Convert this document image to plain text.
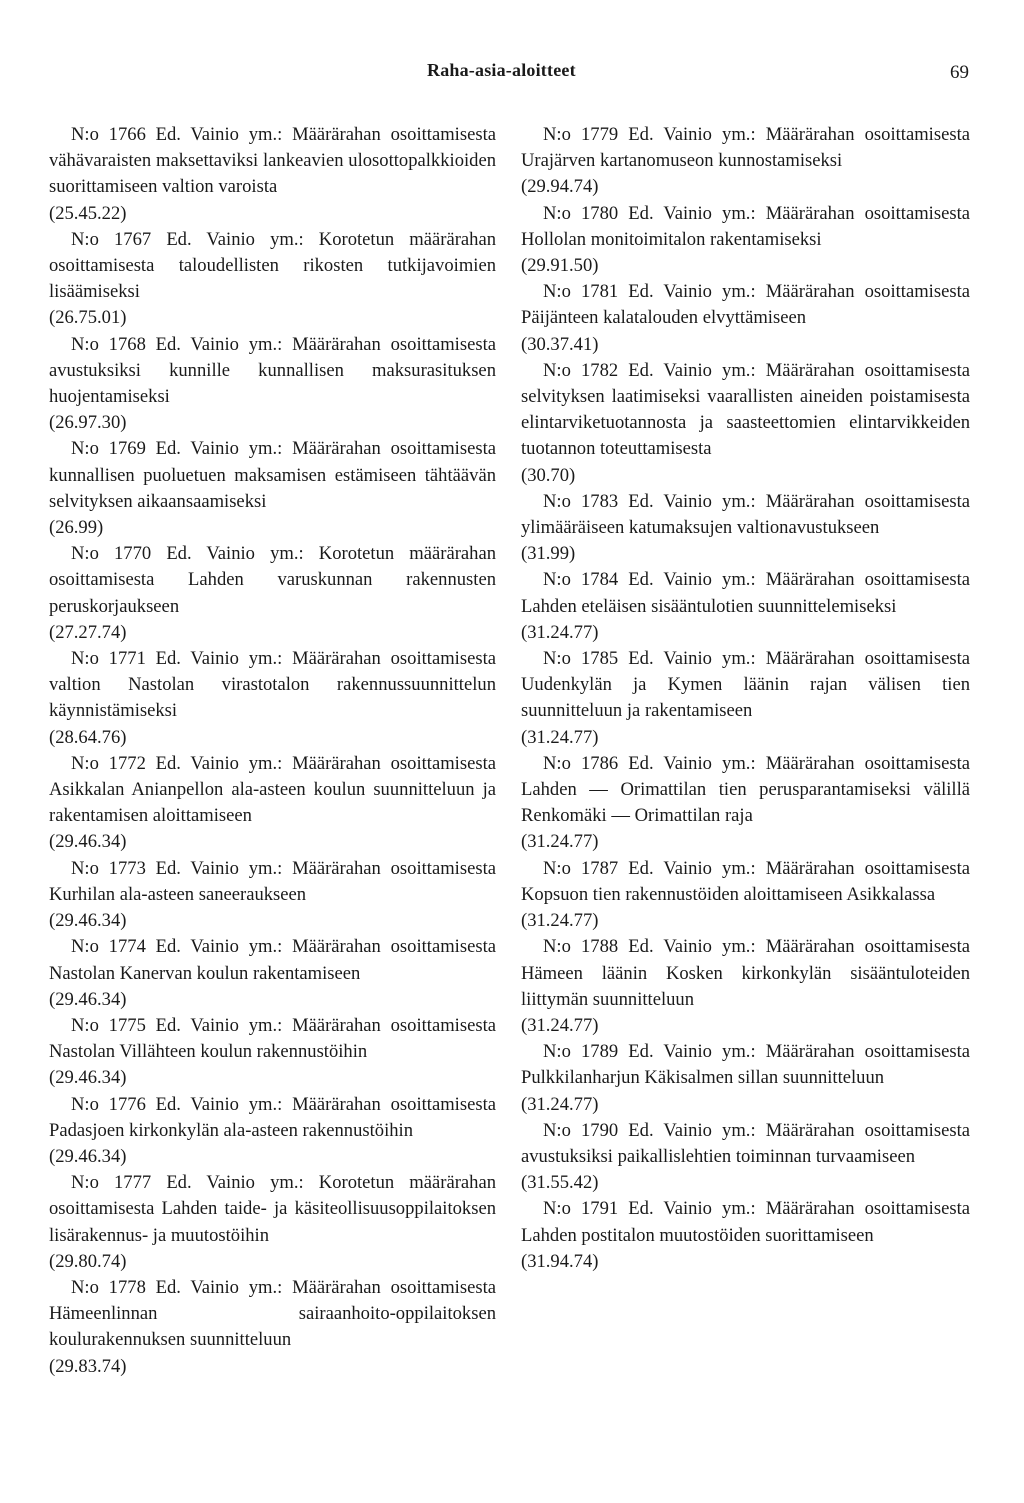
Raha-asia-aloitteet	69

N:o 1766 Ed. Vainio ym.: Määrärahan osoittamisesta vähävaraisten maksettaviksi lankeavien ulosottopalkkioiden suorittamiseen valtion varoista

(25.45.22)

N:o 1767 Ed. Vainio ym.: Korotetun määrärahan osoittamisesta taloudellisten rikosten tutkijavoimien lisäämiseksi

(26.75.01)

N:o 1768 Ed. Vainio ym.: Määrärahan osoittamisesta avustuksiksi kunnille kunnallisen maksurasituksen huojentamiseksi

(26.97.30)

N:o 1769 Ed. Vainio ym.: Määrärahan osoittamisesta kunnallisen puoluetuen maksamisen estämiseen tähtäävän selvityksen aikaansaamiseksi

(26.99)

N:o 1770 Ed. Vainio ym.: Korotetun määrärahan osoittamisesta Lahden varuskunnan rakennusten peruskorjaukseen

(27.27.74)

N:o 1771 Ed. Vainio ym.: Määrärahan osoittamisesta valtion Nastolan virastotalon rakennussuunnittelun käynnistämiseksi

(28.64.76)

N:o 1772 Ed. Vainio ym.: Määrärahan osoittamisesta Asikkalan Anianpellon ala-asteen koulun suunnitteluun ja rakentamisen aloittamiseen

(29.46.34)

N:o 1773 Ed. Vainio ym.: Määrärahan osoittamisesta Kurhilan ala-asteen saneeraukseen

(29.46.34)

N:o 1774 Ed. Vainio ym.: Määrärahan osoittamisesta Nastolan Kanervan koulun rakentamiseen

(29.46.34)

N:o 1775 Ed. Vainio ym.: Määrärahan osoittamisesta Nastolan Villähteen koulun rakennustöihin

(29.46.34)

N:o 1776 Ed. Vainio ym.: Määrärahan osoittamisesta Padasjoen kirkonkylän ala-asteen rakennustöihin

(29.46.34)

N:o 1777 Ed. Vainio ym.: Korotetun määrärahan osoittamisesta Lahden taide- ja käsiteollisuusoppilaitoksen lisärakennus- ja muutostöihin

(29.80.74)

N:o 1778 Ed. Vainio ym.: Määrärahan osoittamisesta Hämeenlinnan sairaanhoito-oppilaitoksen koulurakennuksen suunnitteluun

(29.83.74)

N:o 1779 Ed. Vainio ym.: Määrärahan osoittamisesta Urajärven kartanomuseon kunnostamiseksi

(29.94.74)

N:o 1780 Ed. Vainio ym.: Määrärahan osoittamisesta Hollolan monitoimitalon rakentamiseksi

(29.91.50)

N:o 1781 Ed. Vainio ym.: Määrärahan osoittamisesta Päijänteen kalatalouden elvyttämiseen

(30.37.41)

N:o 1782 Ed. Vainio ym.: Määrärahan osoittamisesta selvityksen laatimiseksi vaarallisten aineiden poistamisesta elintarviketuotannosta ja saasteettomien elintarvikkeiden tuotannon toteuttamisesta

(30.70)

N:o 1783 Ed. Vainio ym.: Määrärahan osoittamisesta ylimääräiseen katumaksujen valtionavustukseen

(31.99)

N:o 1784 Ed. Vainio ym.: Määrärahan osoittamisesta Lahden eteläisen sisääntulotien suunnittelemiseksi

(31.24.77)

N:o 1785 Ed. Vainio ym.: Määrärahan osoittamisesta Uudenkylän ja Kymen läänin rajan välisen tien suunnitteluun ja rakentamiseen

(31.24.77)

N:o 1786 Ed. Vainio ym.: Määrärahan osoittamisesta Lahden — Orimattilan tien perusparantamiseksi välillä Renkomäki — Orimattilan raja

(31.24.77)

N:o 1787 Ed. Vainio ym.: Määrärahan osoittamisesta Kopsuon tien rakennustöiden aloittamiseen Asikkalassa

(31.24.77)

N:o 1788 Ed. Vainio ym.: Määrärahan osoittamisesta Hämeen läänin Kosken kirkonkylän sisääntuloteiden liittymän suunnitteluun

(31.24.77)

N:o 1789 Ed. Vainio ym.: Määrärahan osoittamisesta Pulkkilanharjun Käkisalmen sillan suunnitteluun

(31.24.77)

N:o 1790 Ed. Vainio ym.: Määrärahan osoittamisesta avustuksiksi paikallislehtien toiminnan turvaamiseen

(31.55.42)

N:o 1791 Ed. Vainio ym.: Määrärahan osoittamisesta Lahden postitalon muutostöiden suorittamiseen

(31.94.74)
